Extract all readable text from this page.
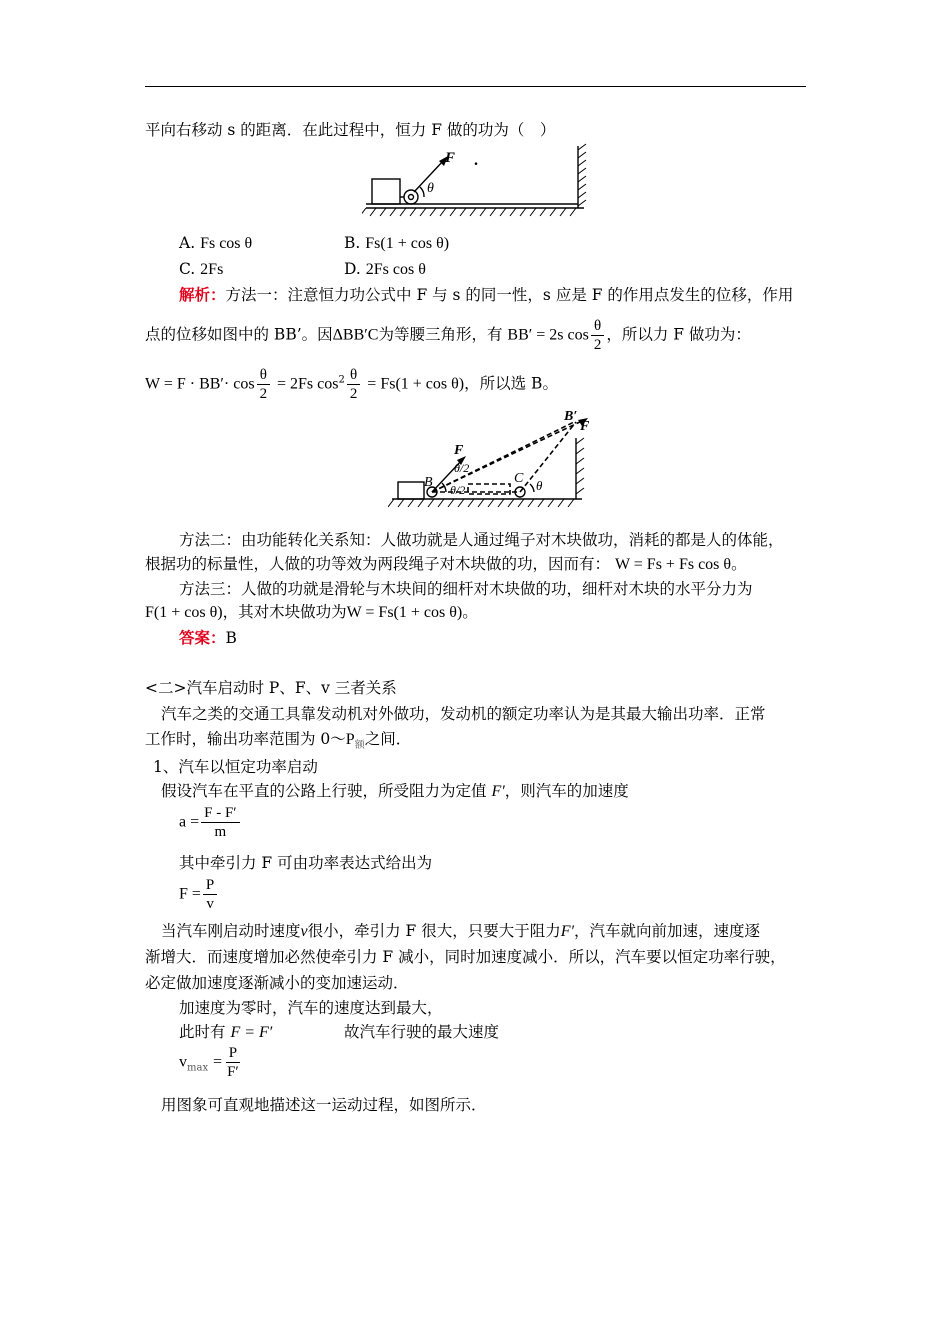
平向右移动 s 的距离．在此过程中，恒力 F 做的功为（　）
F
θ
.
A. Fs cos θ	B. Fs(1 + cos θ)
C. 2Fs	D. 2Fs cos θ
解析：方法一：注意恒力功公式中 F 与 s 的同一性，s 应是 F 的作用点发生的位移，作用
点的位移如图中的 BB’。因ΔBB′C为等腰三角形，有 BB′ = 2s $\cos \frac{\theta}{2}$ ，所以力 F 做功为：
$W = F \cdot BB'\cdot \cos \frac{\theta}{2} = 2Fs$ $\cos^2 \frac{\theta}{2} = Fs(1 + \cos \theta)$，所以选 B。
F
B
θ/2
θ/2
C θ
B′
F
方法二：由功能转化关系知：人做功就是人通过绳子对木块做功，消耗的都是人的体能，
根据功的标量性，人做的功等效为两段绳子对木块做的功，因而有： W = Fs + Fs cos θ。
方法三：人做的功就是滑轮与木块间的细杆对木块做的功，细杆对木块的水平分力为
F(1 + cos θ)，其对木块做功为W = Fs(1 + cos θ)。
答案：B
<二>汽车启动时 P、F、v 三者关系
汽车之类的交通工具靠发动机对外做功，发动机的额定功率认为是其最大输出功率．正常
工作时，输出功率范围为 $0\sim P_额$之间．
1、汽车以恒定功率启动
假设汽车在平直的公路上行驶，所受阻力为定值 F′，则汽车的加速度
$a = \frac{F - F'}{m}$
其中牵引力 F 可由功率表达式给出为
$F = \frac{P}{v}$
当汽车刚启动时速度v很小，牵引力 F 很大，只要大于阻力F′，汽车就向前加速，速度逐
渐增大．而速度增加必然使牵引力 F 减小，同时加速度减小．所以，汽车要以恒定功率行驶，
必定做加速度逐渐减小的变加速运动．
加速度为零时，汽车的速度达到最大，
此时有 F = F′	故汽车行驶的最大速度
$v_{max} = \frac{P}{F'}$
用图象可直观地描述这一运动过程，如图所示．
